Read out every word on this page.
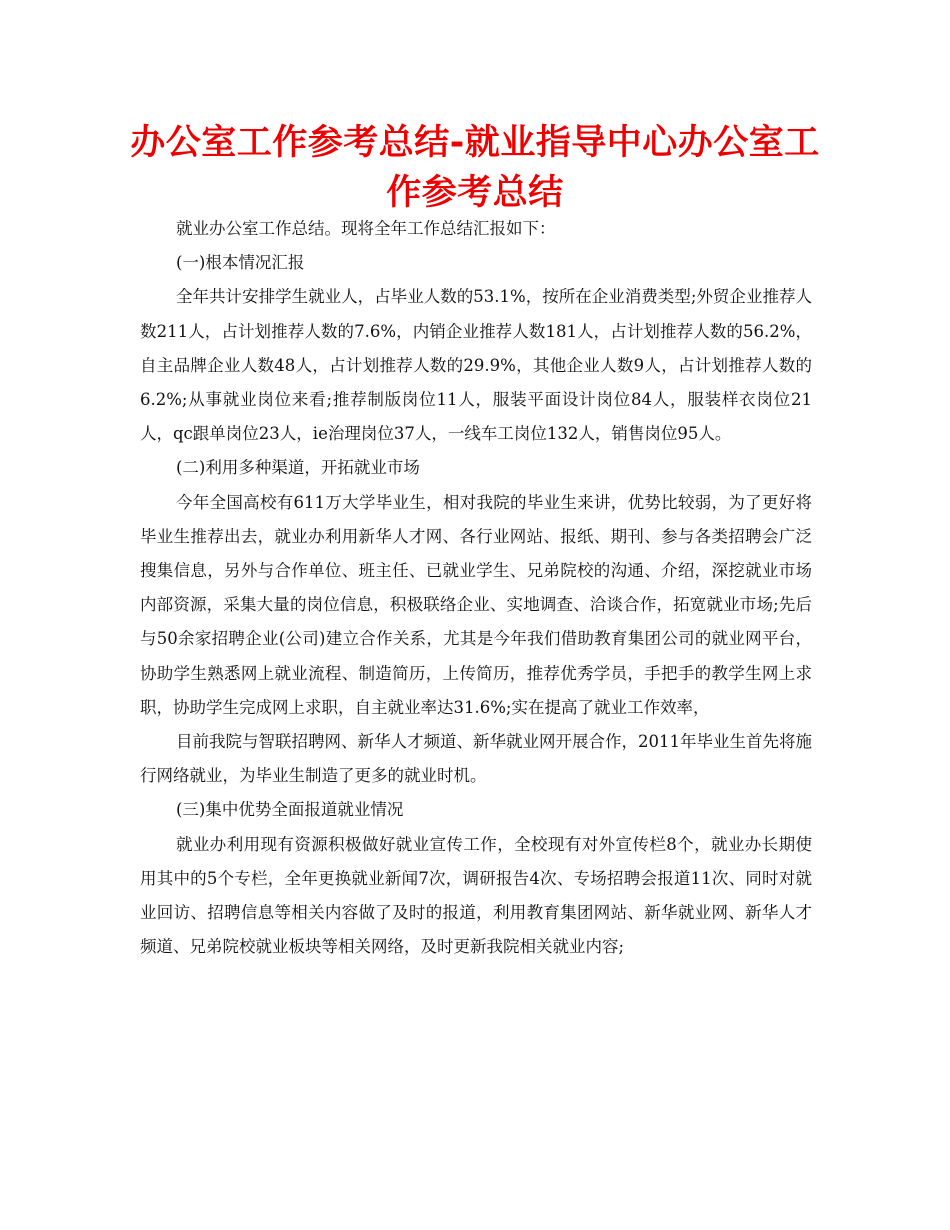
办公室工作参考总结-就业指导中心办公室工作参考总结

就业办公室工作总结。现将全年工作总结汇报如下：

(一)根本情况汇报

全年共计安排学生就业人，占毕业人数的53.1%，按所在企业消费类型;外贸企业推荐人数211人，占计划推荐人数的7.6%，内销企业推荐人数181人，占计划推荐人数的56.2%，自主品牌企业人数48人，占计划推荐人数的29.9%，其他企业人数9人，占计划推荐人数的6.2%;从事就业岗位来看;推荐制版岗位11人，服装平面设计岗位84人，服装样衣岗位21人，qc跟单岗位23人，ie治理岗位37人，一线车工岗位132人，销售岗位95人。

(二)利用多种渠道，开拓就业市场

今年全国高校有611万大学毕业生，相对我院的毕业生来讲，优势比较弱，为了更好将毕业生推荐出去，就业办利用新华人才网、各行业网站、报纸、期刊、参与各类招聘会广泛搜集信息，另外与合作单位、班主任、已就业学生、兄弟院校的沟通、介绍，深挖就业市场内部资源，采集大量的岗位信息，积极联络企业、实地调查、洽谈合作，拓宽就业市场;先后与50余家招聘企业(公司)建立合作关系，尤其是今年我们借助教育集团公司的就业网平台，协助学生熟悉网上就业流程、制造简历，上传简历，推荐优秀学员，手把手的教学生网上求职，协助学生完成网上求职，自主就业率达31.6%;实在提高了就业工作效率，

目前我院与智联招聘网、新华人才频道、新华就业网开展合作，2011年毕业生首先将施行网络就业，为毕业生制造了更多的就业时机。

(三)集中优势全面报道就业情况

就业办利用现有资源积极做好就业宣传工作，全校现有对外宣传栏8个，就业办长期使用其中的5个专栏，全年更换就业新闻7次，调研报告4次、专场招聘会报道11次、同时对就业回访、招聘信息等相关内容做了及时的报道，利用教育集团网站、新华就业网、新华人才频道、兄弟院校就业板块等相关网络，及时更新我院相关就业内容;
